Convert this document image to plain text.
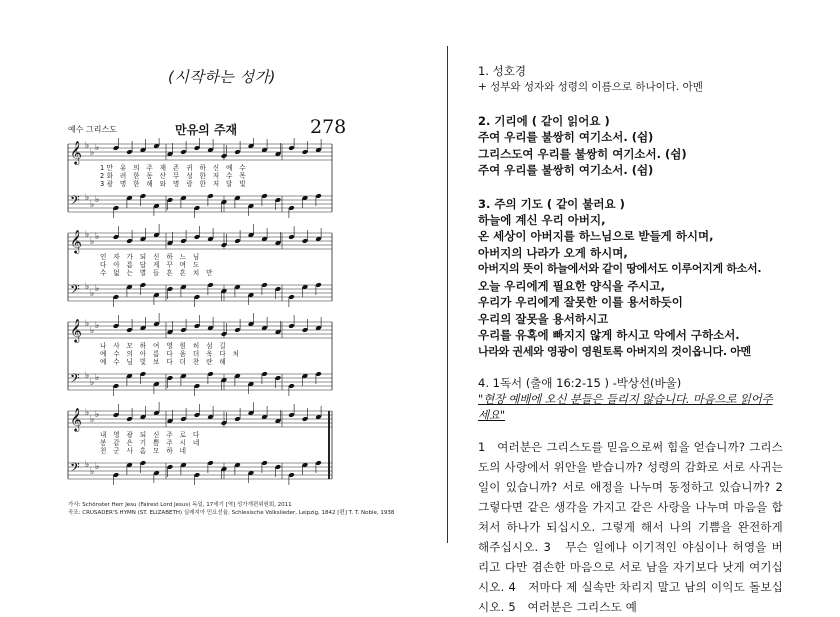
(시작하는 성가)
예수 그리스도	만유의 주재	278
𝄞 ♭
♭ ♭
𝄢 ♭
♭ ♭
1만 유 의 주 재 존 귀 하 신 예 수
2화 려 한 동 산 무 성 한 저 수 목
3광 명 한 해 와 명 랑 한 저 달 빛
𝄞 ♭
♭ ♭
𝄢 ♭
♭ ♭
인 자 가 되 신 하 느 님
다 아 름 답 게 꾸 며 도
수 없 는 별 들 흔 흔 치 만
𝄞 ♭
♭ ♭
𝄢 ♭
♭ ♭
나 사 모 하 여 영 원 히 섬 길
예 수 의 아 름 다 움 더 욱 다 처
예 수 님 빛 보 다 더 찬 란 해
𝄞 ♭
♭ ♭
𝄢 ♭
♭ ♭
내 영 광 되 신 주 로 다
봉 같 은 기 쁨 주 시 네
천 군 사 흠 모 하 네
가사: Schönster Herr Jesu (Fairest Lord Jesus) 독일, 17세기 [역] 성가개편위원회, 2011
곡조: CRUSADER'S HYMN (ST. ELIZABETH) 실레지아 민요선율, Schlesische Volkslieder, Leipzig, 1842 [편] T. T. Noble, 1938
1. 성호경
+ 성부와 성자와 성령의 이름으로 하나이다. 아멘
2. 기리에 ( 같이 읽어요 )
주여 우리를 불쌍히 여기소서. (쉼)
그리스도여 우리를 불쌍히 여기소서. (쉼)
주여 우리를 불쌍히 여기소서. (쉼)
3. 주의 기도 ( 같이 불러요 )
하늘에 계신 우리 아버지,
온 세상이 아버지를 하느님으로 받들게 하시며,
아버지의 나라가 오게 하시며,
아버지의 뜻이 하늘에서와 같이 땅에서도 이루어지게 하소서.
오늘 우리에게 필요한 양식을 주시고,
우리가 우리에게 잘못한 이를 용서하듯이
우리의 잘못을 용서하시고
우리를 유혹에 빠지지 않게 하시고 악에서 구하소서.
나라와 권세와 영광이 영원토록 아버지의 것이옵니다. 아멘
4. 1독서 (출애 16:2-15 ) -박상선(바울)
"현장 예배에 오신 분들은 들리지 않습니다. 마음으로 읽어주세요"
1　여러분은 그리스도를 믿음으로써 힘을 얻습니까? 그리스도의 사랑에서 위안을 받습니까? 성령의 감화로 서로 사귀는 일이 있습니까? 서로 애정을 나누며 동정하고 있습니까? 2　그렇다면 같은 생각을 가지고 같은 사랑을 나누며 마음을 합쳐서 하나가 되십시오. 그렇게 해서 나의 기쁨을 완전하게 해주십시오. 3　무슨 일에나 이기적인 야심이나 허영을 버리고 다만 겸손한 마음으로 서로 남을 자기보다 낫게 여기십시오. 4　저마다 제 실속만 차리지 말고 남의 이익도 돌보십시오. 5　여러분은 그리스도 예
